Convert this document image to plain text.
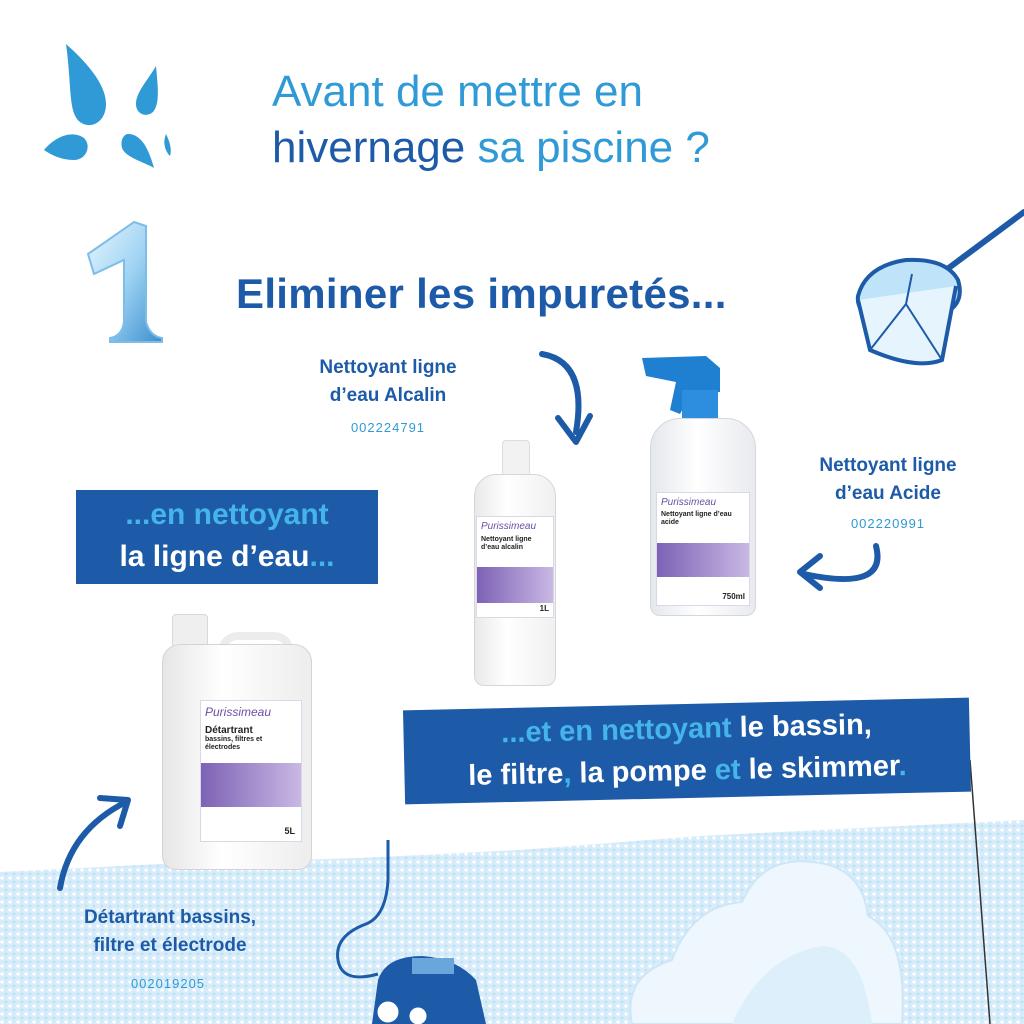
Avant de mettre en
hivernage sa piscine ?
Eliminer les impuretés...
Nettoyant ligne
d’eau Alcalin
002224791
Purissimeau
Nettoyant ligne d’eau alcalin
1L
Purissimeau
Nettoyant ligne d’eau acide
750ml
Nettoyant ligne
d’eau Acide
002220991
...en nettoyant
la ligne d’eau...
Purissimeau
Détartrant
bassins, filtres et électrodes
5L
...et en nettoyant le bassin,
le filtre, la pompe et le skimmer.
Détartrant bassins,
filtre et électrode
002019205
